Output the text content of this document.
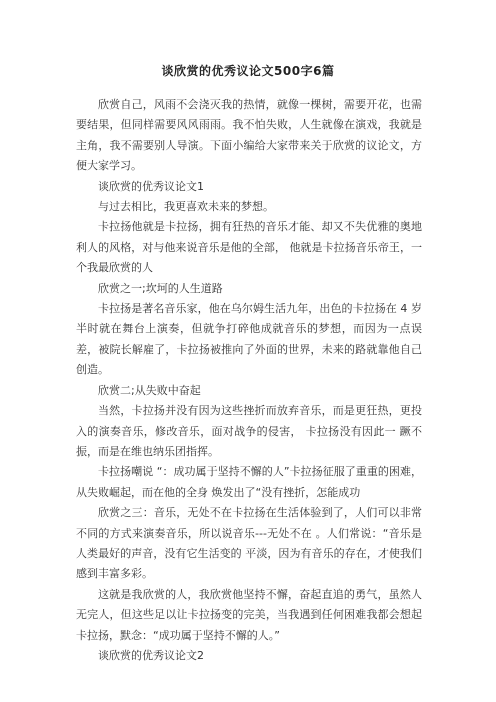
谈欣赏的优秀议论文500字6篇

欣赏自己，风雨不会浇灭我的热情，就像一棵树，需要开花，也需要结果，但同样需要风风雨雨。我不怕失败，人生就像在演戏，我就是主角，我不需要别人导演。下面小编给大家带来关于欣赏的议论文，方便大家学习。

谈欣赏的优秀议论文1

与过去相比，我更喜欢未来的梦想。

卡拉扬他就是卡拉扬，拥有狂热的音乐才能、却又不失优雅的奥地利人的风格，对与他来说音乐是他的全部， 他就是卡拉扬音乐帝王，一个我最欣赏的人

欣赏之一;坎坷的人生道路

卡拉扬是著名音乐家，他在乌尔姆生活九年，出色的卡拉扬在 4 岁半时就在舞台上演奏，但就争打碎他成就音乐的梦想，而因为一点误差，被院长解雇了，卡拉扬被推向了外面的世界，未来的路就靠他自己创造。

欣赏二;从失败中奋起

当然，卡拉扬并没有因为这些挫折而放弃音乐，而是更狂热，更投入的演奏音乐，修改音乐，面对战争的侵害， 卡拉扬没有因此一 蹶不振，而是在维也纳乐团指挥。

卡拉扬嘲说 “：成功属于坚持不懈的人”卡拉扬征服了重重的困难，从失败崛起，而在他的全身 焕发出了“没有挫折，怎能成功

欣赏之三：音乐，无处不在卡拉扬在生活体验到了，人们可以非常不同的方式来演奏音乐，所以说音乐---无处不在 。人们常说：“音乐是人类最好的声音，没有它生活变的 平淡，因为有音乐的存在，才使我们感到丰富多彩。

这就是我欣赏的人，我欣赏他坚持不懈，奋起直追的勇气，虽然人无完人，但这些足以让卡拉扬变的完美，当我遇到任何困难我都会想起卡拉扬，默念：“成功属于坚持不懈的人。”

谈欣赏的优秀议论文2
